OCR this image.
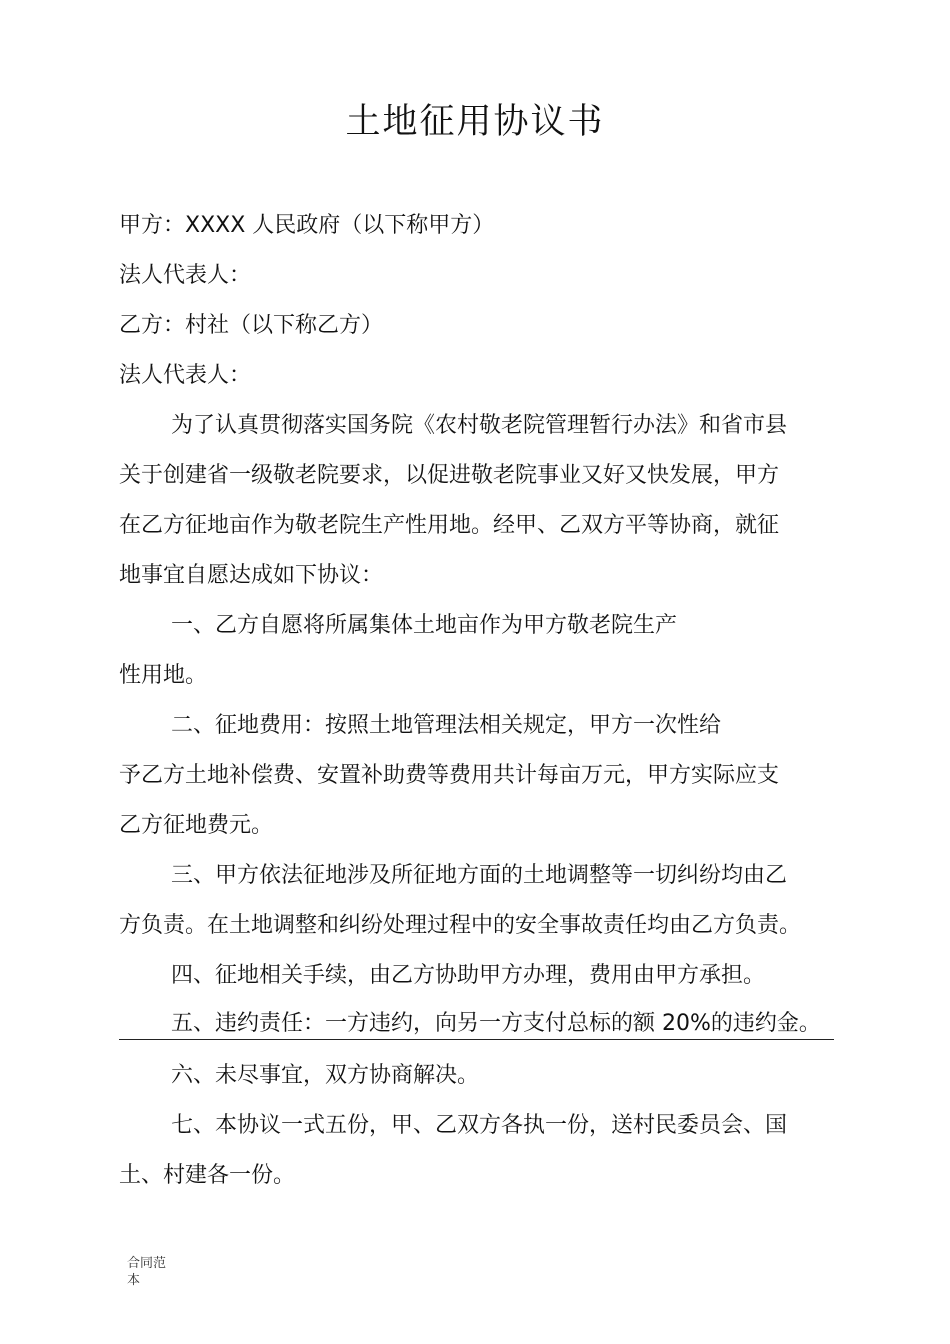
土地征用协议书

甲方：XXXX 人民政府（以下称甲方）

法人代表人：

乙方：村社（以下称乙方）

法人代表人：

为了认真贯彻落实国务院《农村敬老院管理暂行办法》和省市县

关于创建省一级敬老院要求，以促进敬老院事业又好又快发展，甲方

在乙方征地亩作为敬老院生产性用地。经甲、乙双方平等协商，就征

地事宜自愿达成如下协议：

一、乙方自愿将所属集体土地亩作为甲方敬老院生产

性用地。

二、征地费用：按照土地管理法相关规定，甲方一次性给

予乙方土地补偿费、安置补助费等费用共计每亩万元，甲方实际应支

乙方征地费元。

三、甲方依法征地涉及所征地方面的土地调整等一切纠纷均由乙

方负责。在土地调整和纠纷处理过程中的安全事故责任均由乙方负责。

四、征地相关手续，由乙方协助甲方办理，费用由甲方承担。

五、违约责任：一方违约，向另一方支付总标的额 20%的违约金。

六、未尽事宜，双方协商解决。

七、本协议一式五份，甲、乙双方各执一份，送村民委员会、国

土、村建各一份。

合同范
本
